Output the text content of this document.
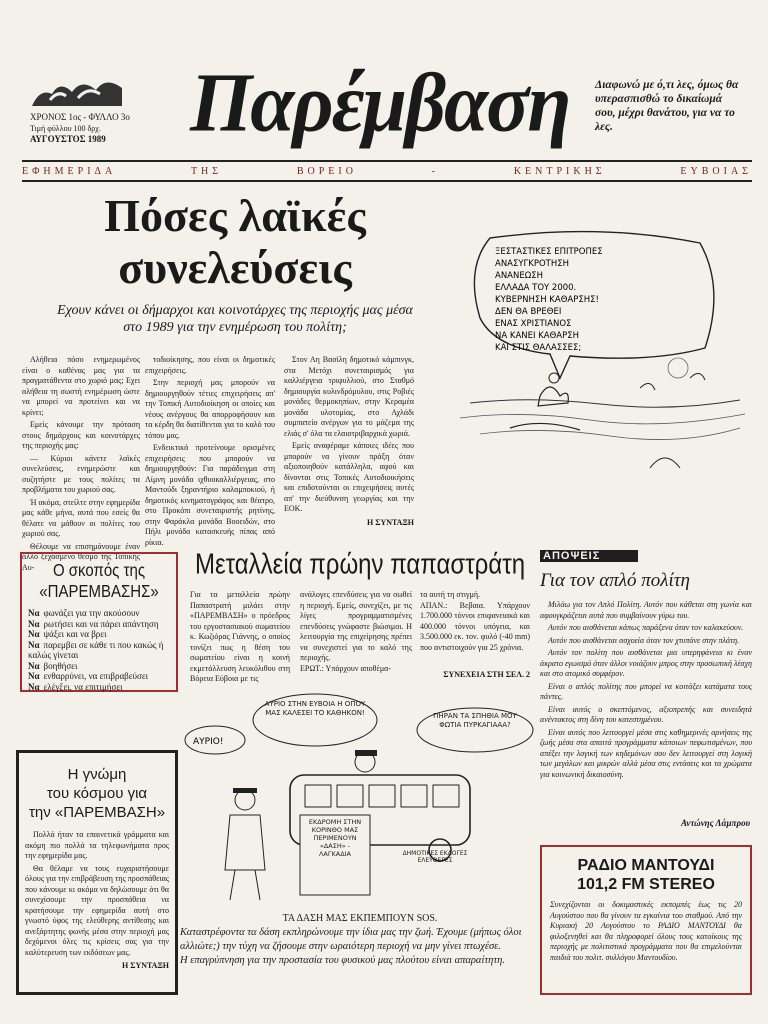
ΧΡΟΝΟΣ 1ος - ΦΥΛΛΟ 3ο
Τιμή φύλλου 100 δρχ.
ΑΥΓΟΥΣΤΟΣ 1989	Παρέμβαση	Διαφωνώ με ό,τι λες, όμως θα υπερασπισθώ το δικαίωμά σου, μέχρι θανάτου, για να το λες.
ΕΦΗΜΕΡΙΔΑ	ΤΗΣ	ΒΟΡΕΙΟ	-	ΚΕΝΤΡΙΚΗΣ	ΕΥΒΟΙΑΣ
Πόσες λαϊκές
συνελεύσεις
Εχουν κάνει οι δήμαρχοι και κοινοτάρχες της περιοχής μας μέσα στο 1989 για την ενημέρωση του πολίτη;

Αλήθεια πόσο ενημερωμένος είναι ο καθένας μας για τα πραγματάθεντα στο χωριό μας; Εχει αλήθεια τη σωστή ενημέρωση ώστε να μπορεί να προτείνει και να κρίνει;

Εμείς κάνουμε την πρόταση στους δημάρχους και κοινοτάρχες της περιοχής μας:

— Κύριοι κάνετε λαϊκές συνελεύσεις, ενημερώστε και συζητήστε με τους πολίτες τα προβλήματα του χωριού σας.

Ή ακόμα, στείλτε στην εφημερίδα μας κάθε μήνα, αυτά που εσείς θα θέλατε να μάθουν οι πολίτες του χωριού σας.

Θέλουμε να επισημάνουμε έναν άλλο ξεχασμένο θεσμό της Τοπικής Αυ-

τοδιοίκησης, που είναι οι δημοτικές επιχειρήσεις.

Στην περιοχή μας μπορούν να δημιουργηθούν τέτιες επιχειρήσεις απ' την Τοπική Αυτοδιοίκηση οι οποίες και νέους ανέργους θα απορροφήσουν και τα κέρδη θα διατίθενται για το καλό του τόπου μας.

Ενδεικτικά προτείνουμε ορισμένες επιχειρήσεις που μπορούν να δημιουργηθούν: Για παράδειγμα στη Λίμνη μονάδα ιχθυοκαλλιέργειας, στο Μαντούδι ξηραντήριο καλαμποκιού, ή δημοτικός κινηματογράφος και θέατρο, στο Προκόπι συνεταιριστής ρητίνης, στην Φαράκλα μονάδα Βοοειδών, στο Πήλι μονάδα κατασκευής πίπας από ρίκια.

Στον Αη Βασίλη δημοτικό κάμπινγκ, στα Μετόχι συνεταιρισμός για καλλιέργεια τριφυλλιού, στο Σταθμό δημιουργία κυλινδρόμυλου, στις Ροβιές μονάδες θερμοκηπίων, στην Κεραμέα μονάδα υλοτομίας, στο Αχλάδι συμπατείο ανέργων για το μάζεμα της ελιάς σ' όλα τα ελαιοτριβαρχικά χωριά.

Εμείς αναφέραμε κάποιες ιδέες που μπορούν να γίνουν πράξη όταν αξιοποιηθούν κατάλληλα, αφού και δίνονται στις Τοπικές Αυτοδιοικήσεις και επιδοτούνται οι επιχειρήσεις αυτές απ' την διεύθυνση γεωργίας και την ΕΟΚ.

Η ΣΥΝΤΑΞΗ
ΞΕΣΤΑΣΤΙΚΕΣ ΕΠΙΤΡΟΠΕΣ
ΑΝΑΣΥΓΚΡΟΤΗΣΗ
ΑΝΑΝΕΩΣΗ
ΕΛΛΑΔΑ ΤΟΥ 2000.
ΚΥΒΕΡΝΗΣΗ ΚΑΘΑΡΣΗΣ!
ΔΕΝ ΘΑ ΒΡΕΘΕΙ
ΕΝΑΣ ΧΡΙΣΤΙΑΝΟΣ
ΝΑ ΚΑΝΕΙ ΚΑΘΑΡΣΗ
ΚΑΙ ΣΤΙΣ ΘΑΛΑΣΣΕΣ;
Ο σκοπός της
«ΠΑΡΕΜΒΑΣΗΣ»
Να φωνάζει για την ακούσουν
Να ρωτήσει και να πάρει απάντηση
Να ψάξει και να βρει
Να παρεμβει σε κάθε τι που κακώς ή καλώς γίνεται
Να βοηθήσει
Να ενθαρρύνει, να επιβραβεύσει
Να ελέγξει, να επιτιμήσει
Η γνώμη
του κόσμου για
την «ΠΑΡΕΜΒΑΣΗ»

Πολλά ήταν τα επαινετικά γράμματα και ακόμη πιο πολλά τα τηλεφωνήματα προς την εφημερίδα μας.

Θα θέλαμε να τους ευχαριστήσουμε όλους για την επιβράβευση της προσπάθειας που κάνουμε κι ακόμα να δηλώσουμε ότι θα συνεχίσουμε την προσπάθεια να κρατήσουμε την εφημερίδα αυτή στο γνωστό ύφος της ελεύθερης αντίθεσης και ανεξάρτητης φωνής μέσα στην περιοχή μας δεχόμενοι όλες τις κρίσεις σας για την καλύτερευση των εκδόσεων μας.

Η ΣΥΝΤΑΞΗ
Μεταλλεία πρώην παπαστράτη
Για τα μεταλλεία πρώην Παπαστρατή μιλάει στην «ΠΑΡΕΜΒΑΣΗ» ο πρόεδρος του εργοστασιακού σωματείου κ. Κωζιόρας Γιάννης, ο οποίος τονίζει πως η θέση του σωματείου είναι η κοινή εκμετάλλευση λευκόλιθου στη Βόρεια Εύβοια με τις
ανάλογες επενδύσεις για να σωθεί η περιοχή. Εμείς, συνεχίζει, με τις λίγες προγραμματισμένες επενδύσεις γνώφαστε βιώσιμοι. Η λειτουργία της επιχείρησης πρέπει να συνεχιστεί για το καλό της περιοχής.
ΕΡΩΤ.: Υπάρχουν αποθέμα-
τα αυτή τη στιγμή.
ΑΠΑΝ.: Βεβαια. Υπάρχουν 1.700.000 τόννοι επιφανειακά και 400.000 τόννοι υπόγεια, και 3.500.000 εκ. τον. φυλό (-40 mm) που αντιστοιχούν για 25 χρόνια.
ΣΥΝΕΧΕΙΑ ΣΤΗ ΣΕΛ. 2
ΑΥΡΙΟ!
ΑΥΡΙΟ ΣΤΗΝ ΕΥΒΟΙΑ Η ΟΠΟΥ ΜΑΣ ΚΑΛΕΣΕΙ ΤΟ ΚΑΘΗΚΟΝ!	ΠΗΡΑΝ ΤΑ ΣΠΗΘΙΑ ΜΟΥ ΦΩΤΙΑ ΠΥΡΚΑΓΙΑΑΑ?
ΕΚΔΡΟΜΗ ΣΤΗΝ ΚΟΡΙΝΘΟ ΜΑΣ ΠΕΡΙΜΕΝΟΥΝ «ΔΑΣΗ» - ΛΑΓΚΑΔΙΑ	ΔΗΜΟΤΙΚΕΣ ΕΚΛΟΓΕΣ ΕΛΕΥΘΕΡΕΣ
ΤΑ ΔΑΣΗ ΜΑΣ ΕΚΠΕΜΠΟΥΝ SOS.
Καταστρέφοντα τα δάση εκπληρώνουμε την ίδια μας την ζωή. Έχουμε (μήπως όλοι αλλιώτε;) την τύχη να ζήσουμε στην ωραιότερη περιοχή να μην γίνει πτωχέσε.
Η επαγρύπνηση για την προστασία του φυσικού μας πλούτου είναι απαραίτητη.
ΑΠΟΨΕΙΣ
Για τον απλό πολίτη

Μιλάω για τον Απλό Πολίτη. Αυτόν που κάθεται στη γωνία και αφουγκράζεται αυτά που συμβαίνουν γύρω του.

Αυτόν που αισθάνεται κάπως παράξενα όταν τον καλακεύουν.

Αυτόν που αισθάνεται ασχοεία όταν τον χτυπάνε στην πλάτη.

Αυτόν τον πολίτη που αισθάνεται μια υπερηφάνεια κι έναν άκρατο εγωισμό όταν άλλοι νοιάζουν μπρος στην προσωπική λέσχη και στο ατομικό συμφέρον.

Είναι ο απλός πολίτης που μπορεί να κοιτάξει κατάματα τους πάντες.

Είναι αυτός ο σκεπτόμενος, αξιοπρεπής και συνειδητά ανέντακτος στη δίνη του κατεστημένου.

Είναι αυτός που λειτουργεί μέσα στις καθημερινές αρνήσεις της ζωής μέσα στα απαιτά προγράμματα κάποιων πεφωτισμένων, που απέξει την λογική των κηδεμόνων σου δεν λειτουργεί στη λογική των μεγάλων και μικρών αλλά μέσα στις εντάσεις και τα χρώματα για κοινωνική δικαιοσύνη.

Αντώνης Λάμπρου
ΡΑΔΙΟ ΜΑΝΤΟΥΔΙ
101,2 FM STEREO
Συνεχίζονται οι δοκιμαστικές εκπομπές έως τις 20 Αυγούστου που θα γίνουν τα εγκαίνια του σταθμού. Από την Κυριακή 20 Αυγούστου το ΡΑΔΙΟ ΜΑΝΤΟΥΔΙ θα φιλοξενηθεί και θα πληροφορεί όλους τους κατοίκους της περιοχής με πολιτιστικά προγράμματα που θα επιμελούνται παιδιά του πολιτ. συλλόγου Μαντουδίου.
